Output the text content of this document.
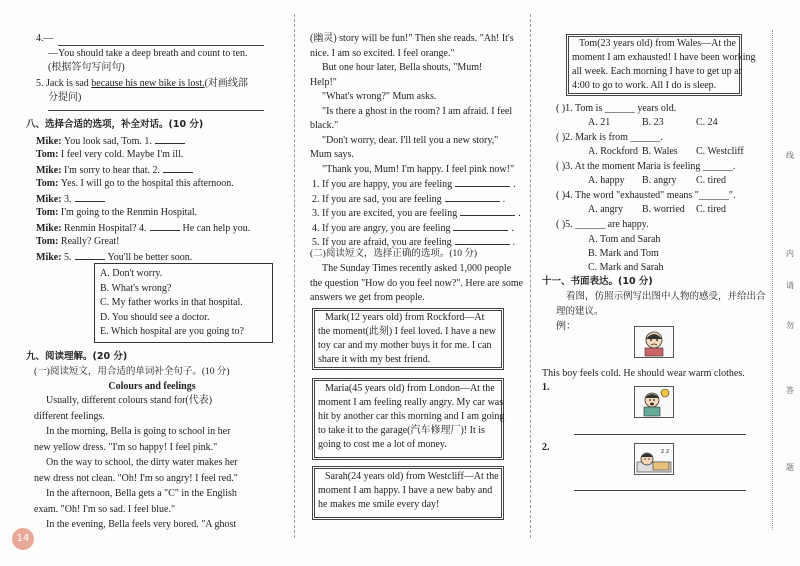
4.—
—You should take a deep breath and count to ten.
(根据答句写问句)
5. Jack is sad because his new bike is lost.(对画线部
分提问)
八、选择合适的选项，补全对话。(10 分)
Mike: You look sad, Tom. 1.
Tom: I feel very cold. Maybe I'm ill.
Mike: I'm sorry to hear that. 2.
Tom: Yes. I will go to the hospital this afternoon.
Mike: 3.
Tom: I'm going to the Renmin Hospital.
Mike: Renmin Hospital? 4.	He can help you.
Tom: Really? Great!
Mike: 5.	You'll be better soon.
A. Don't worry.
B. What's wrong?
C. My father works in that hospital.
D. You should see a doctor.
E. Which hospital are you going to?
九、阅读理解。(20 分)
(一)阅读短文，用合适的单词补全句子。(10 分)
Colours and feelings
Usually, different colours stand for(代表)
different feelings.
In the morning, Bella is going to school in her
new yellow dress. "I'm so happy! I feel pink."
On the way to school, the dirty water makes her
new dress not clean. "Oh! I'm so angry! I feel red."
In the afternoon, Bella gets a "C" in the English
exam. "Oh! I'm so sad. I feel blue."
In the evening, Bella feels very bored. "A ghost
(幽灵) story will be fun!" Then she reads. "Ah! It's
nice. I am so excited. I feel orange."
But one hour later, Bella shouts, "Mum!
Help!"
"What's wrong?" Mum asks.
"Is there a ghost in the room? I am afraid. I feel
black."
"Don't worry, dear. I'll tell you a new story,"
Mum says.
"Thank you, Mum! I'm happy. I feel pink now!"
1. If you are happy, you are feeling	.
2. If you are sad, you are feeling	.
3. If you are excited, you are feeling	.
4. If you are angry, you are feeling	.
5. If you are afraid, you are feeling	.
(二)阅读短文，选择正确的选项。(10 分)
The Sunday Times recently asked 1,000 people
the question "How do you feel now?". Here are some
answers we get from people.
Mark(12 years old) from Rockford—At
the moment(此刻) I feel loved. I have a new
toy car and my mother buys it for me. I can
share it with my best friend.
Maria(45 years old) from London—At the
moment I am feeling really angry. My car was
hit by another car this morning and I am going
to take it to the garage(汽车修理厂)! It is
going to cost me a lot of money.
Sarah(24 years old) from Westcliff—At the
moment I am happy. I have a new baby and
he makes me smile every day!
Tom(23 years old) from Wales—At the
moment I am exhausted! I have been working
all week. Each morning I have to get up at
4:00 to go to work. All I do is sleep.
( )1. Tom is ______ years old.
A. 21	B. 23	C. 24
( )2. Mark is from ______.
A. Rockford B. Wales C. Westcliff
( )3. At the moment Maria is feeling ______.
A. happy B. angry C. tired
( )4. The word "exhausted" means "______".
A. angry B. worried C. tired
( )5. ______ are happy.
A. Tom and Sarah
B. Mark and Tom
C. Mark and Sarah
十一、书面表达。(10 分)
看图，仿照示例写出图中人物的感受，并给出合
理的建议。
例：
This boy feels cold. He should wear warm clothes.
1.
2.	z z
线
内
请
勿
答
题
14
